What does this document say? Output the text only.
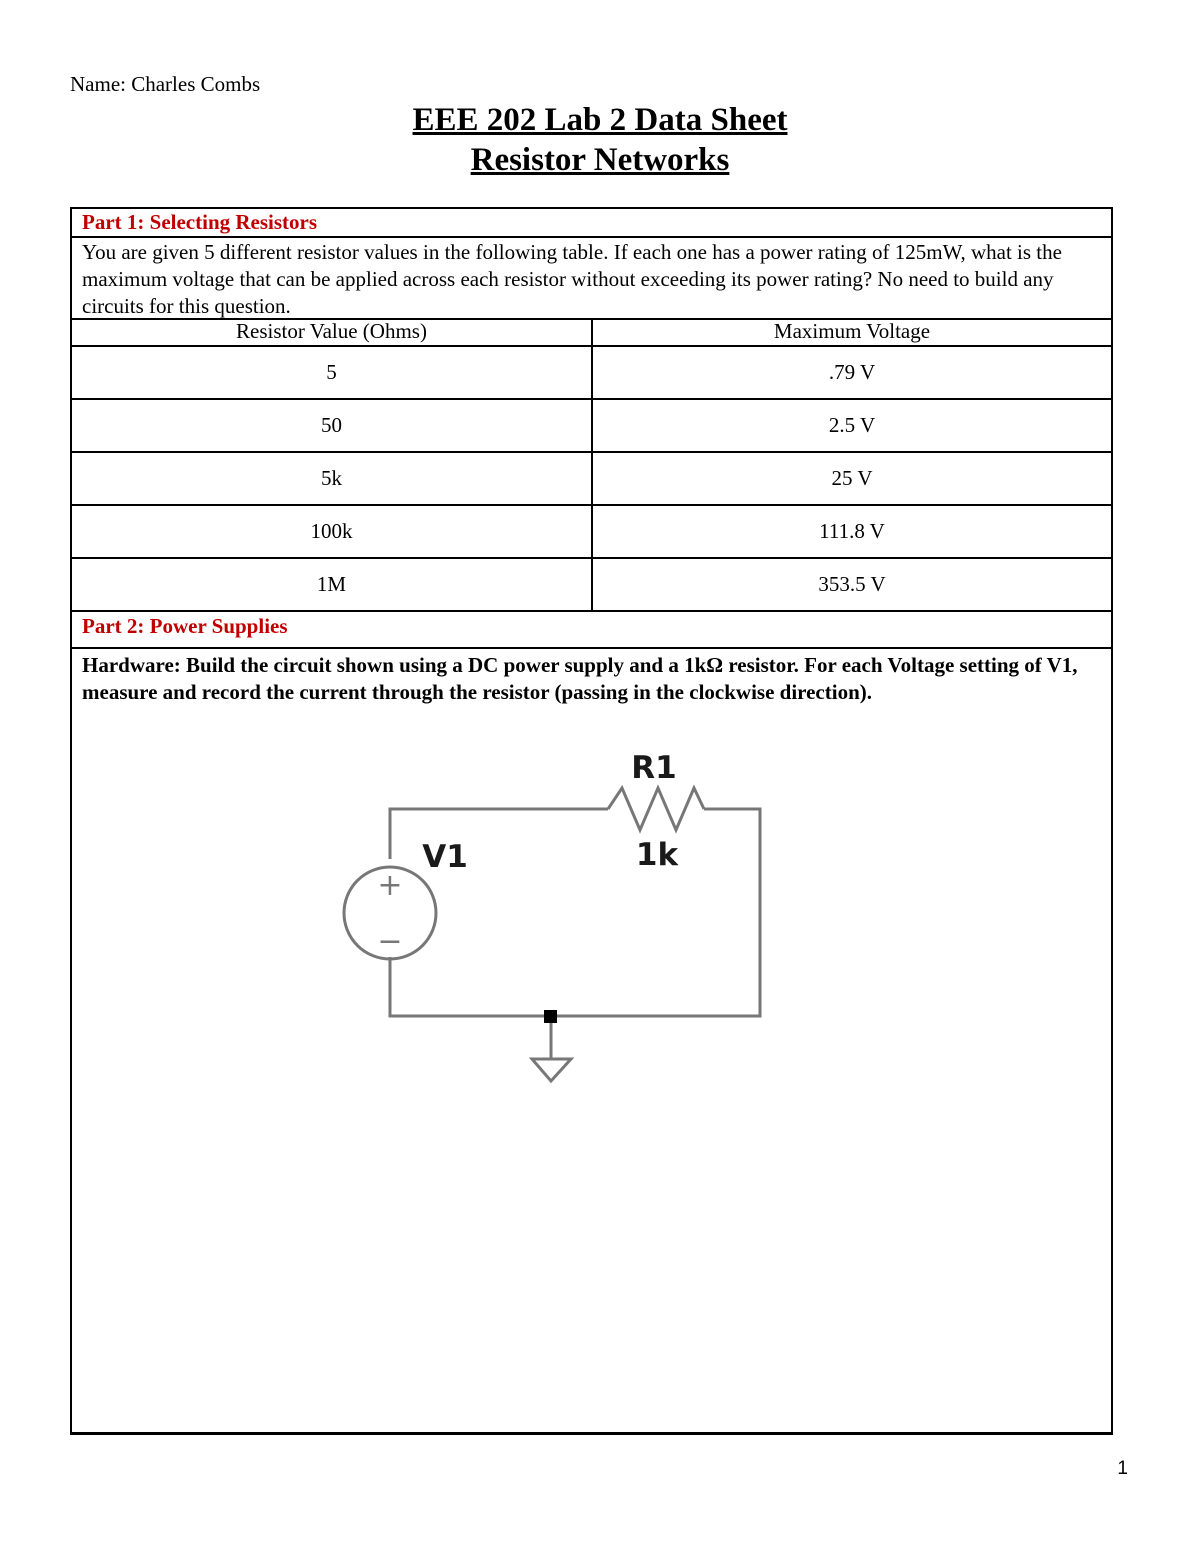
Name: Charles Combs
EEE 202 Lab 2 Data Sheet
Resistor Networks
Part 1: Selecting Resistors
You are given 5 different resistor values in the following table. If each one has a power rating of 125mW, what is the maximum voltage that can be applied across each resistor without exceeding its power rating? No need to build any circuits for this question.
Resistor Value (Ohms)	Maximum Voltage
5	.79 V
50	2.5 V
5k	25 V
100k	111.8 V
1M	353.5 V
Part 2: Power Supplies
Hardware: Build the circuit shown using a DC power supply and a 1kΩ resistor. For each Voltage setting of V1, measure and record the current through the resistor (passing in the clockwise direction).
+
−
R1
1k
V1
1
